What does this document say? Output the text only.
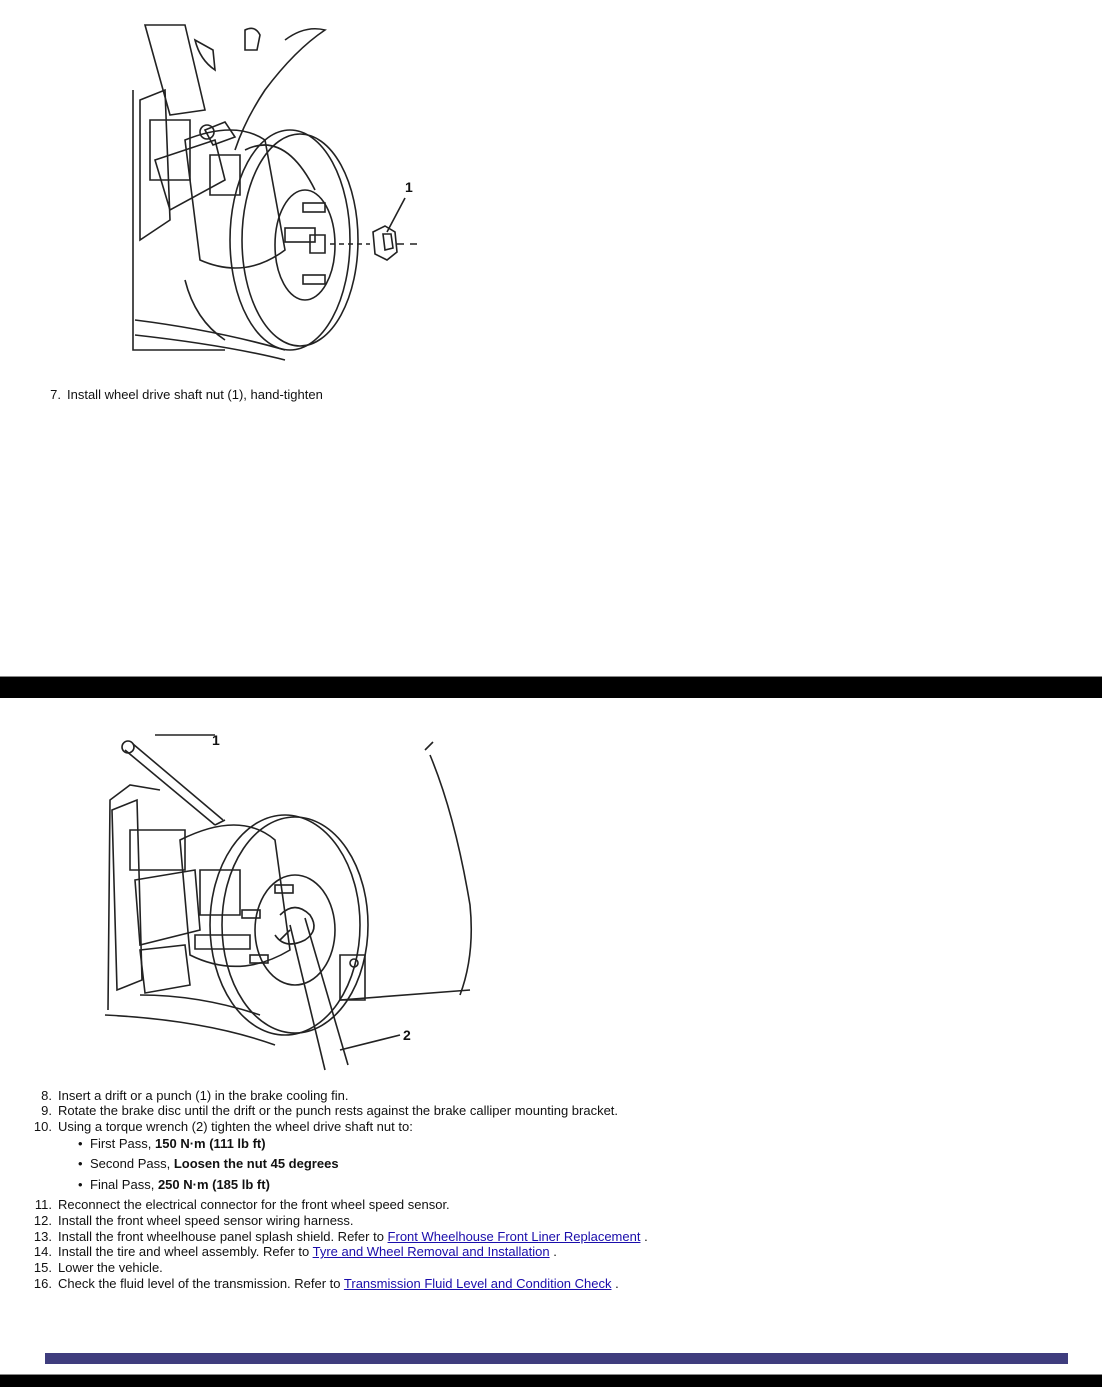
1
7. Install wheel drive shaft nut (1), hand-tighten
1
2
8. Insert a drift or a punch (1) in the brake cooling fin.
9. Rotate the brake disc until the drift or the punch rests against the brake calliper mounting bracket.
10. Using a torque wrench (2) tighten the wheel drive shaft nut to:
• First Pass, 150 N·m (111 lb ft)
• Second Pass, Loosen the nut 45 degrees
• Final Pass, 250 N·m (185 lb ft)
11. Reconnect the electrical connector for the front wheel speed sensor.
12. Install the front wheel speed sensor wiring harness.
13. Install the front wheelhouse panel splash shield. Refer to Front Wheelhouse Front Liner Replacement .
14. Install the tire and wheel assembly. Refer to Tyre and Wheel Removal and Installation .
15. Lower the vehicle.
16. Check the fluid level of the transmission. Refer to Transmission Fluid Level and Condition Check .
